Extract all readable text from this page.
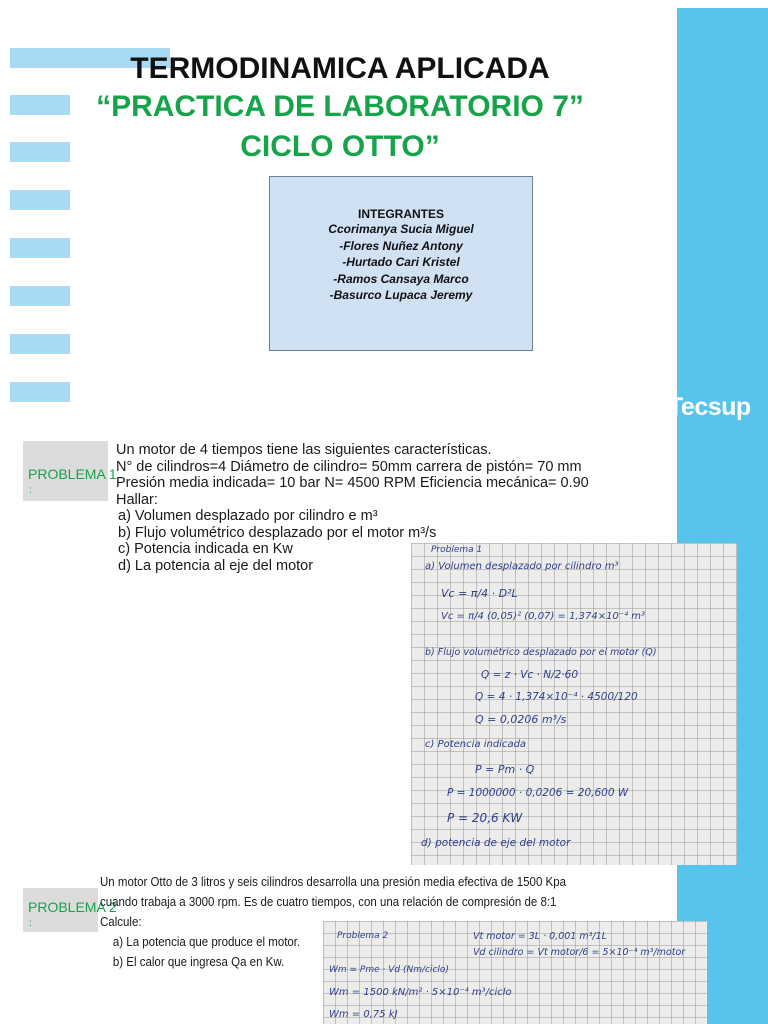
TERMODINAMICA APLICADA
“PRACTICA DE LABORATORIO 7”
CICLO OTTO”
INTEGRANTES
Ccorimanya Sucia Miguel
-Flores Nuñez Antony
-Hurtado Cari Kristel
-Ramos Cansaya Marco
-Basurco Lupaca Jeremy
Tecsup
PROBLEMA 1
:
Un motor de 4 tiempos tiene las siguientes características.
N° de cilindros=4 Diámetro de cilindro= 50mm carrera de pistón= 70 mm
Presión media indicada= 10 bar N= 4500 RPM Eficiencia mecánica= 0.90
Hallar:
a) Volumen desplazado por cilindro e m³
b) Flujo volumétrico desplazado por el motor m³/s
c) Potencia indicada en Kw
d) La potencia al eje del motor
Problema 1
a) Volumen desplazado por cilindro m³
Vc = π/4 · D²L
Vc = π/4 (0,05)² (0,07) = 1,374×10⁻⁴ m³
b) Flujo volumétrico desplazado por el motor (Q)
Q = z · Vc · N/2·60
Q = 4 · 1,374×10⁻⁴ · 4500/120
Q = 0,0206 m³/s
c) Potencia indicada
P = Pm · Q
P = 1000000 · 0,0206 = 20,600 W
P = 20,6 KW
d) potencia de eje del motor
PROBLEMA 2
:
Un motor Otto de 3 litros y seis cilindros desarrolla una presión media efectiva de 1500 Kpa
cuando trabaja a 3000 rpm. Es de cuatro tiempos, con una relación de compresión de 8:1
Calcule:
a) La potencia que produce el motor.
b) El calor que ingresa Qa en Kw.
Problema 2	Vt motor = 3L · 0,001 m³/1L
Vd cilindro = Vt motor/6 = 5×10⁻⁴ m³/motor
Wm = Pme · Vd (Nm/ciclo)
Wm = 1500 kN/m² · 5×10⁻⁴ m³/ciclo
Wm = 0,75 kJ
